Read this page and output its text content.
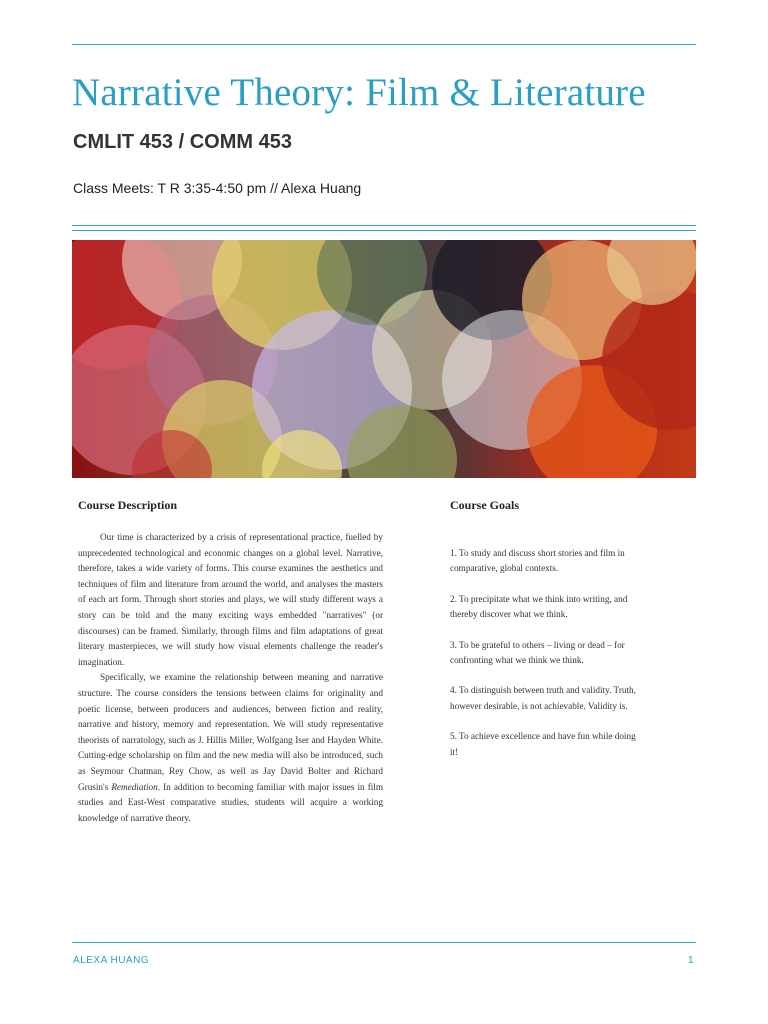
Narrative Theory: Film & Literature
CMLIT 453 / COMM 453
Class Meets: T R 3:35-4:50 pm // Alexa Huang

Course Description

Our time is characterized by a crisis of representational practice, fuelled by unprecedented technological and economic changes on a global level. Narrative, therefore, takes a wide variety of forms. This course examines the aesthetics and techniques of film and literature from around the world, and analyses the masters of each art form. Through short stories and plays, we will study different ways a story can be told and the many exciting ways embedded "narratives" (or discourses) can be framed. Similarly, through films and film adaptations of great literary masterpieces, we will study how visual elements challenge the reader's imagination.

Specifically, we examine the relationship between meaning and narrative structure. The course considers the tensions between claims for originality and poetic license, between producers and audiences, between fiction and reality, narrative and history, memory and representation. We will study representative theorists of narratology, such as J. Hillis Miller, Wolfgang Iser and Hayden White. Cutting-edge scholarship on film and the new media will also be introduced, such as Seymour Chatman, Rey Chow, as well as Jay David Bolter and Richard Grusin's Remediation. In addition to becoming familiar with major issues in film studies and East-West comparative studies, students will acquire a working knowledge of narrative theory.

Course Goals

1. To study and discuss short stories and film in comparative, global contexts.

2. To precipitate what we think into writing, and thereby discover what we think.

3. To be grateful to others – living or dead – for confronting what we think we think.

4. To distinguish between truth and validity. Truth, however desirable, is not achievable. Validity is.

5. To achieve excellence and have fun while doing it!

ALEXA HUANG	1
